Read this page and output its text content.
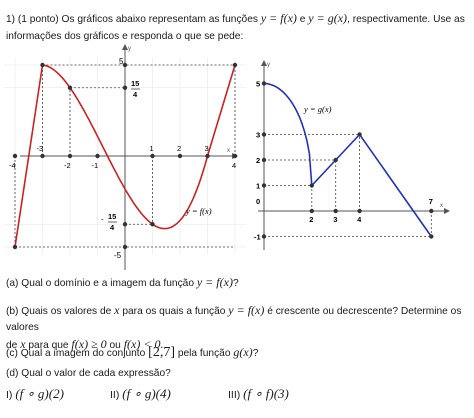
1) (1 ponto) Os gráficos abaixo representam as funções y = f(x) e y = g(x), respectivamente. Use as informações dos gráficos e responda o que se pede:
y
x
-4
-3
-2	-1
1	2	3
4
5
15
4
- 15
4
-5
y = f(x)
y
x
2	3	4
7
5
3
2
1
0
-1
y = g(x)
(a) Qual o domínio e a imagem da função y = f(x)?
(b) Quais os valores de x para os quais a função y = f(x) é crescente ou decrescente? Determine os valores
de x para que f(x) ≥ 0 ou f(x) < 0.
(c) Qual a imagem do conjunto [2,7] pela função g(x)?
(d) Qual o valor de cada expressão?
I) (f ∘ g)(2)	II) (f ∘ g)(4)	III) (f ∘ f)(3)
